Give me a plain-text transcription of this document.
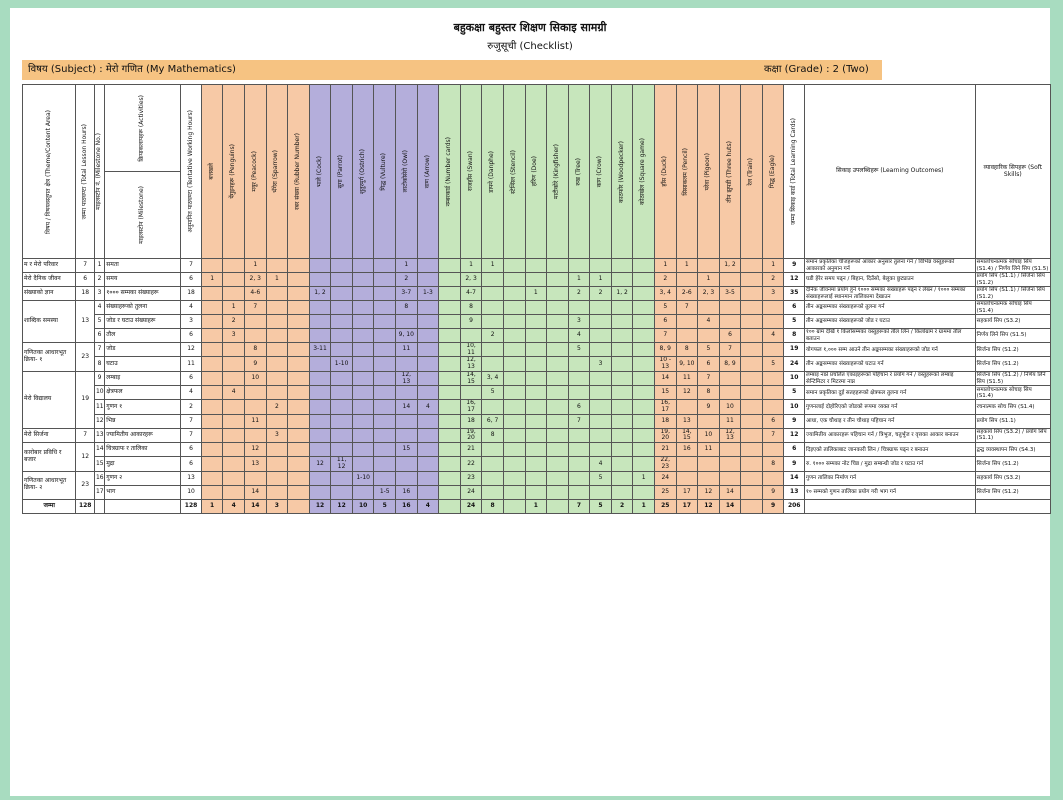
बहुकक्षा बहुस्तर शिक्षण सिकाइ सामग्री
रुजुसूची (Checklist)
विषय (Subject) : मेरो गणित (My Mathematics)	कक्षा (Grade) : 2 (Two)
विषय / विषयवस्तुगत क्षेत्र (Theme/Content Area)	जम्मा पाठघण्टा (Total Lesson Hours)	माइलस्टोन नं. (Milestone No.)	क्रियाकलापहरू (Activities)	अनुमानित पाठघण्टा (Tentative Working Hours)	बत्तखले	पेंगुइनहरू (Penguins)	मयूर (Peacock)	भँगेरा (Sparrow)	रबर संख्या (Rubber Number)	भाले (Cock)	सुगा (Parrot)	शुतुरमुर्ग (Ostrich)	गिद्ध (Vulture)	लाटोकोसेरो (Owl)	वाण (Arrow)	नम्बरकार्ड (Number cards)	राजहाँस (Swan)	डाफ्ने (Danphe)	स्टेन्सिल (Stencil)	हरिण (Doe)	माटीकोरे (Kingfisher)	रुख (Tree)	काग (Crow)	काठफोर (Woodpecker)	कोठाखेल (Square game)	हाँस (Duck)	सिसाकलम (Pencil)	परेवा (Pigeon)	तीन झुपडी (Three huts)	रेल (Train)	गिद्ध (Eagle)	जम्मा सिकाइ कार्ड (Total Learning Cards)	सिकाइ उपलब्धिहरू (Learning Outcomes)	व्यावहारिक सिपहरू (Soft Skills)

			माइलस्टोन (Milestone)																															

म र मेरो परिवार	7	1	समता	7			1							1			1	1								1	1		1, 2		1	9	समान प्रकृतिका चीजहरूको आकार अनुसार तुलना गर्न / विभिन्न वस्तुहरूको आकारको अनुमान गर्न	समालोचनात्मक सोचाइ सिप (S1.4) / निर्णय लिने सिप (S1.5)
मेरो दैनिक जीवन	6	2	समय	6	1		2, 3	1						2			2, 3					1	1			2		1			2	12	घडी हेरेर समय पढ्न / बिहान, दिउँसो, बेलुका छुट्याउन	प्रयोग सिप (S1.1) / सिर्जना सिप (S1.2)
संख्याको ज्ञान	18	3	१००० सम्मका संख्याहरू	18			4-6			1, 2				3-7	1-3		4-7			1		2	2	1, 2		3, 4	2-6	2, 3	3-5		3	35	दैनिक जीवनमा प्रयोग हुने १००० सम्मका संख्याहरू पढ्न र लेख्न / १००० सम्मका संख्याहरूलाई स्थानमान तालिकामा देखाउन	प्रयोग सिप (S1.1) / सिर्जना सिप (S1.2)
शाब्दिक समस्या	13	4	संख्याहरूको तुलना	4		1	7							8			8									5	7					6	तीन अङ्कसम्मका संख्याहरूको तुलना गर्न	समालोचनात्मक सोचाइ सिप (S1.4)
		5	जोड र घटाउ संख्याहरू	3		2											9					3				6		4				5	तीन अङ्कसम्मका संख्याहरूको जोड र घटाउ	सहकार्य सिप (S3.2)
		6	तौल	6		3								9, 10				2				4				7			6		4	8	१०० ग्राम देखि १ किलोसम्मका वस्तुहरूको तौल लिन / किलोग्राम र ग्राममा तौल बताउन	निर्णय लिने सिप (S1.5)
गणितका आधारभूत क्रिया- १	23	7	जोड	12			8			3-11				11			10, 11					5				8, 9	8	5	7			19	योगफल १,००० सम्म आउने तीन अङ्कसम्मका संख्याहरूको जोड गर्न	सिर्जना सिप (S1.2)
		8	घटाउ	11			9				1-10						12, 13						3			10 - 13	9, 10	6	8, 9		5	24	तीन अङ्कसम्मका संख्याहरूको घटाउ गर्न	सिर्जना सिप (S1.2)
मेरो विद्यालय	19	9	लम्बाइ	6			10							12, 13			14, 15	3, 4								14	11	7				10	लम्बाइ नाप्ने प्रचलित एकाइहरूको पहिचान र प्रयोग गर्न / वस्तुहरूको लम्बाइ सेन्टिमिटर र मिटरमा नाप्न	सिर्जना सिप (S1.2) / निर्णय लिने सिप (S1.5)
		10	क्षेत्रफल	4		4												5								15	12	8				5	समान प्रकृतिका दुई सतहहरूको क्षेत्रफल तुलना गर्न	समालोचनात्मक सोचाइ सिप (S1.4)
		11	गुणन १	2				2						14	4		16, 17					6				16, 17		9	10			10	गुणनलाई दोहोरिएको जोडको रूपमा व्यक्त गर्न	रचनात्मक सोच सिप (S1.4)
		12	भिन्न	7			11										18	6, 7				7				18	13		11		6	9	आधा, एक चौथाइ र तीन चौथाइ पहिचान गर्न	प्रयोग सिप (S1.1)
मेरो सिर्जना	7	13	ज्यामितीय आकारहरू	7				3									19, 20	8								19, 20	14, 15	10	12, 13		7	12	ज्यामितीय आकारहरू पहिचान गर्न / त्रिभुज, चतुर्भुज र वृत्तका आकार बनाउन	सहकार्य सिप (S3.2) / प्रयोग सिप (S1.1)
कारोबार प्रविधि र बजार	12	14	चित्रग्राफ र तालिका	6			12							15			21									21	16	11				6	दिइएको तालिकाबाट जानकारी लिन / चित्रग्राफ पढ्न र बनाउन	द्वन्द्व व्यवस्थापन सिप (S4.3)
		15	मुद्रा	6			13			12	11, 12						22						4			22, 23					8	9	रु. १००० सम्मका नोट चिन्न / मुद्रा सम्बन्धी जोड र घटाउ गर्न	सिर्जना सिप (S1.2)
गणितका आधारभूत क्रिया- २	23	16	गुणन २	13								1-10					23						5		1	24						14	गुणन तालिका निर्माण गर्न	सहकार्य सिप (S3.2)
		17	भाग	10			14						1-5	16			24									25	17	12	14		9	13	१० सम्मको गुणन तालिका प्रयोग गरी भाग गर्न	सिर्जना सिप (S1.2)
जम्मा	128			128	1	4	14	3		12	12	10	5	16	4		24	8		1		7	5	2	1	25	17	12	14		9	206		
